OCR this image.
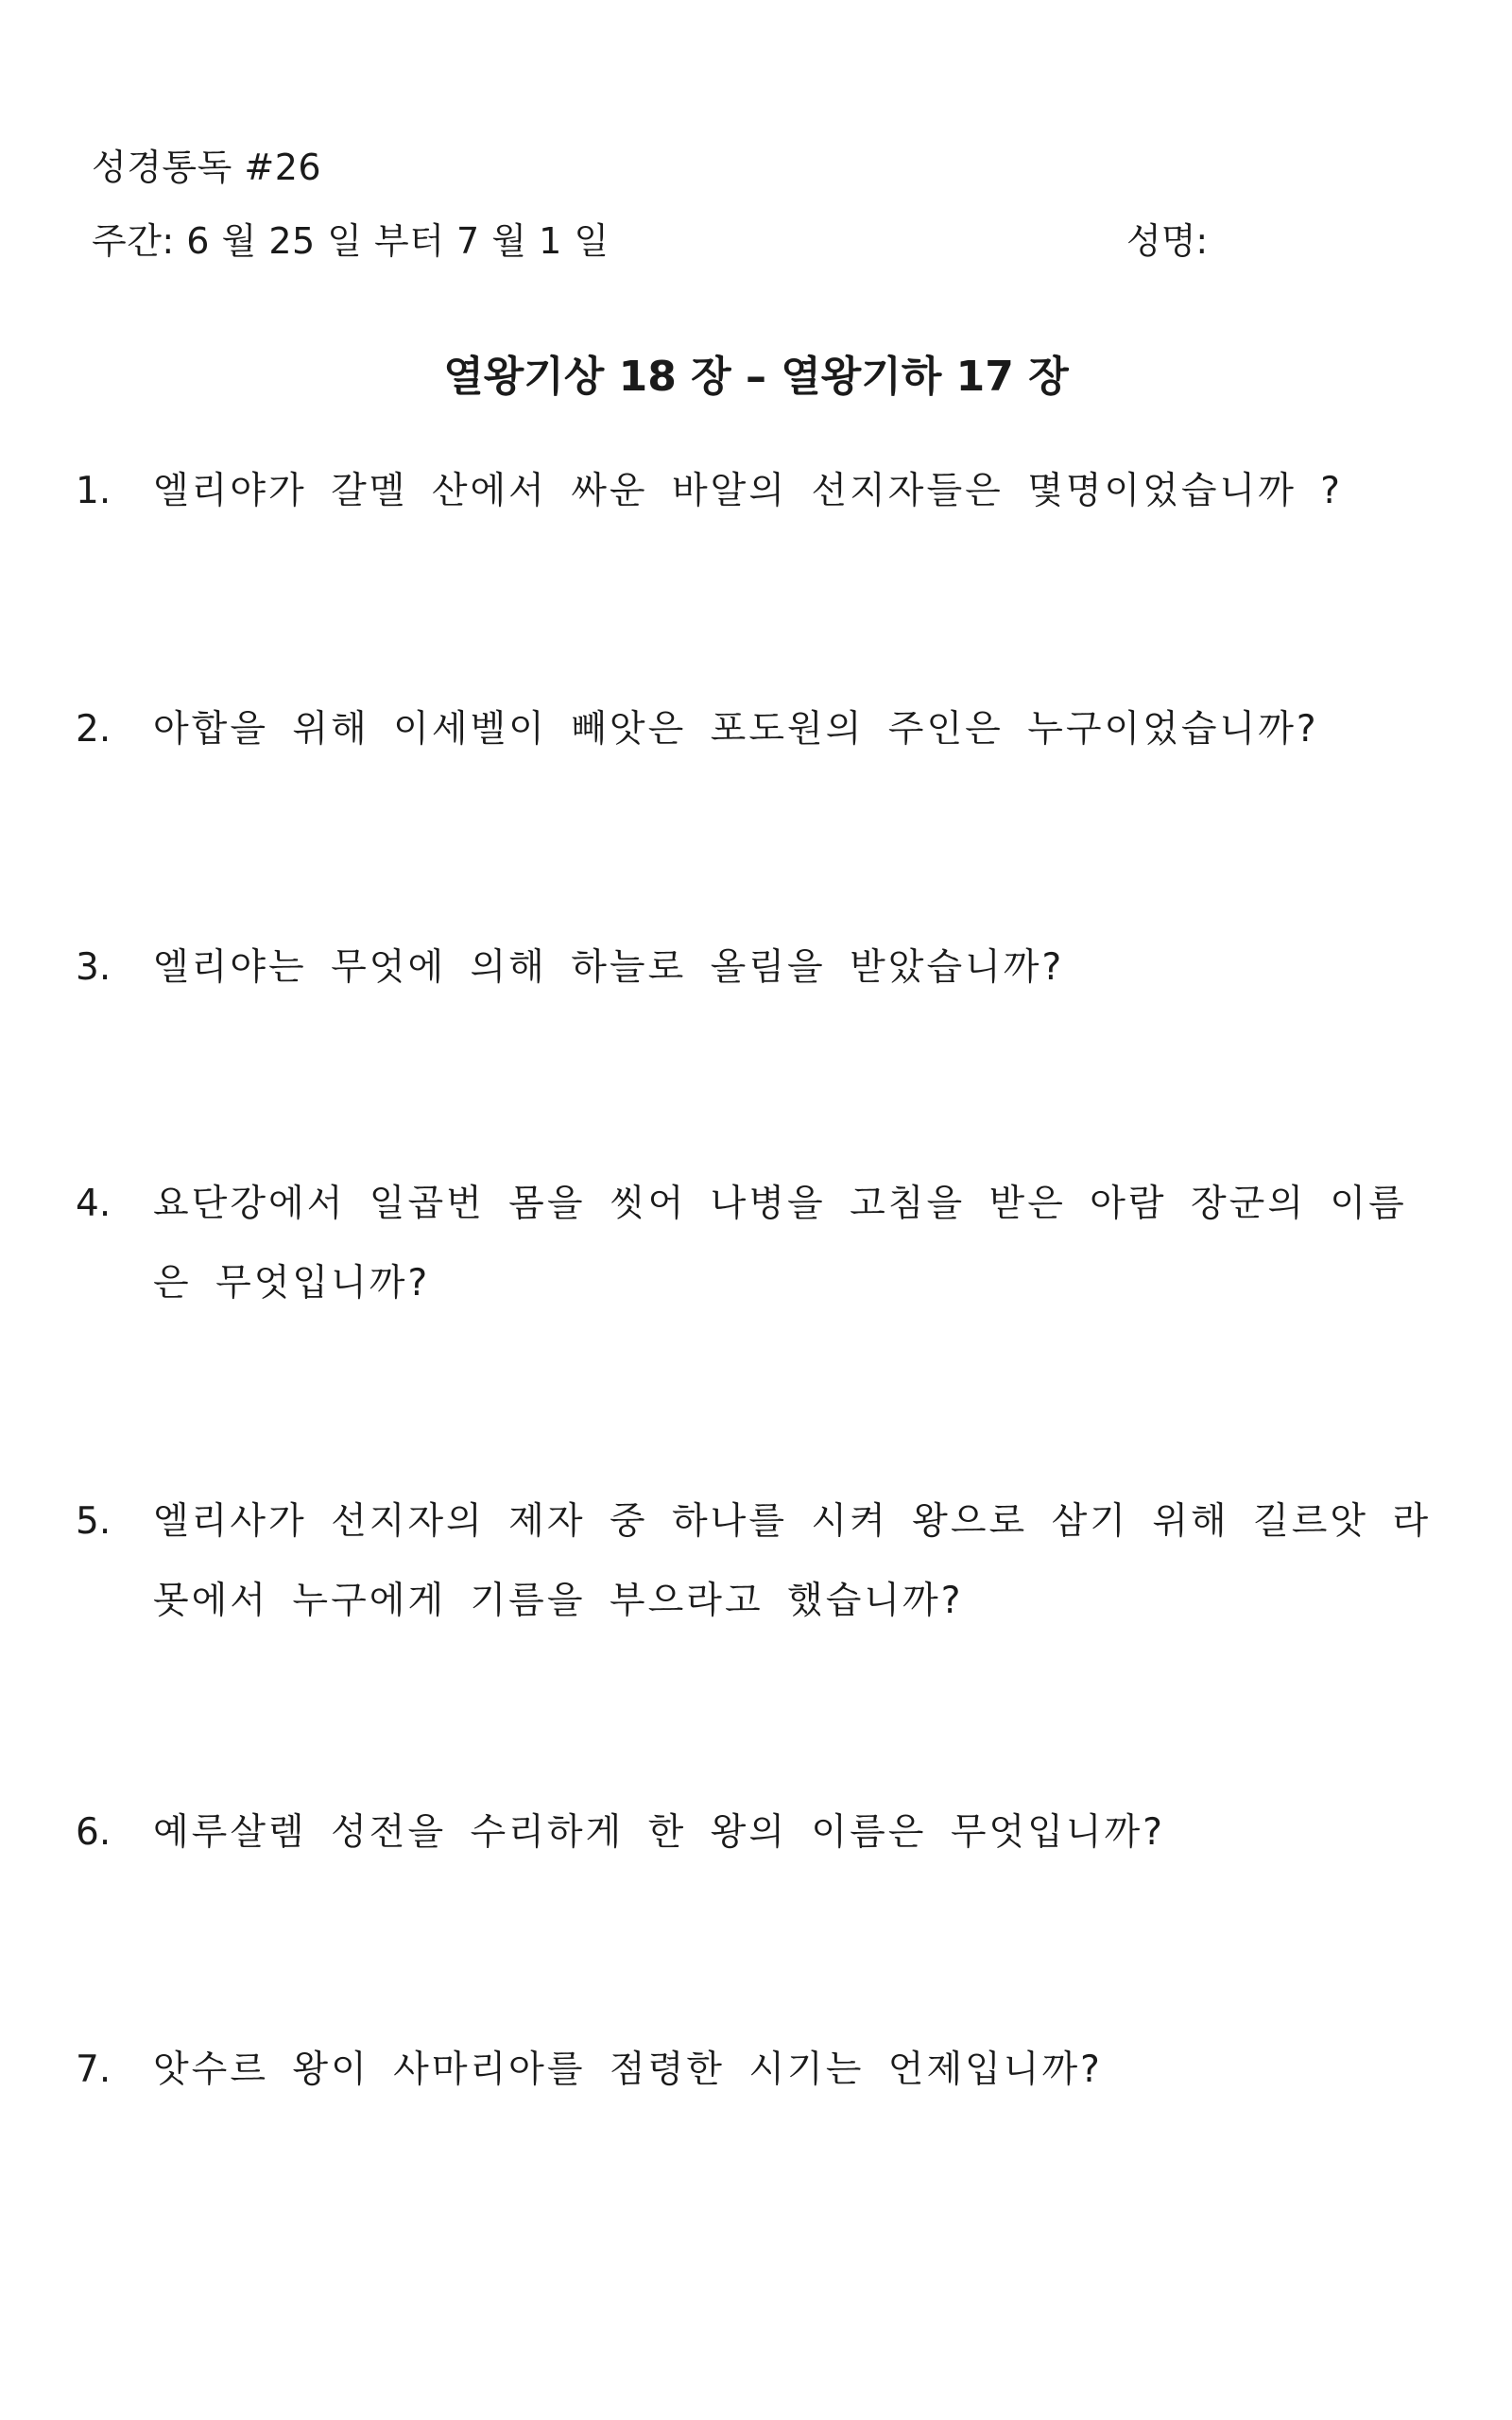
성경통독 #26
주간: 6 월 25 일 부터 7 월 1 일	성명:
열왕기상 18 장 – 열왕기하 17 장
1. 엘리야가 갈멜 산에서 싸운 바알의 선지자들은 몇명이었습니까 ?
2. 아합을 위해 이세벨이 빼앗은 포도원의 주인은 누구이었습니까?
3. 엘리야는 무엇에 의해 하늘로 올림을 받았습니까?
4. 요단강에서 일곱번 몸을 씻어 나병을 고침을 받은 아람 장군의 이름은 무엇입니까?
5. 엘리사가 선지자의 제자 중 하나를 시켜 왕으로 삼기 위해 길르앗 라못에서 누구에게 기름을 부으라고 했습니까?
6. 예루살렘 성전을 수리하게 한 왕의 이름은 무엇입니까?
7. 앗수르 왕이 사마리아를 점령한 시기는 언제입니까?
